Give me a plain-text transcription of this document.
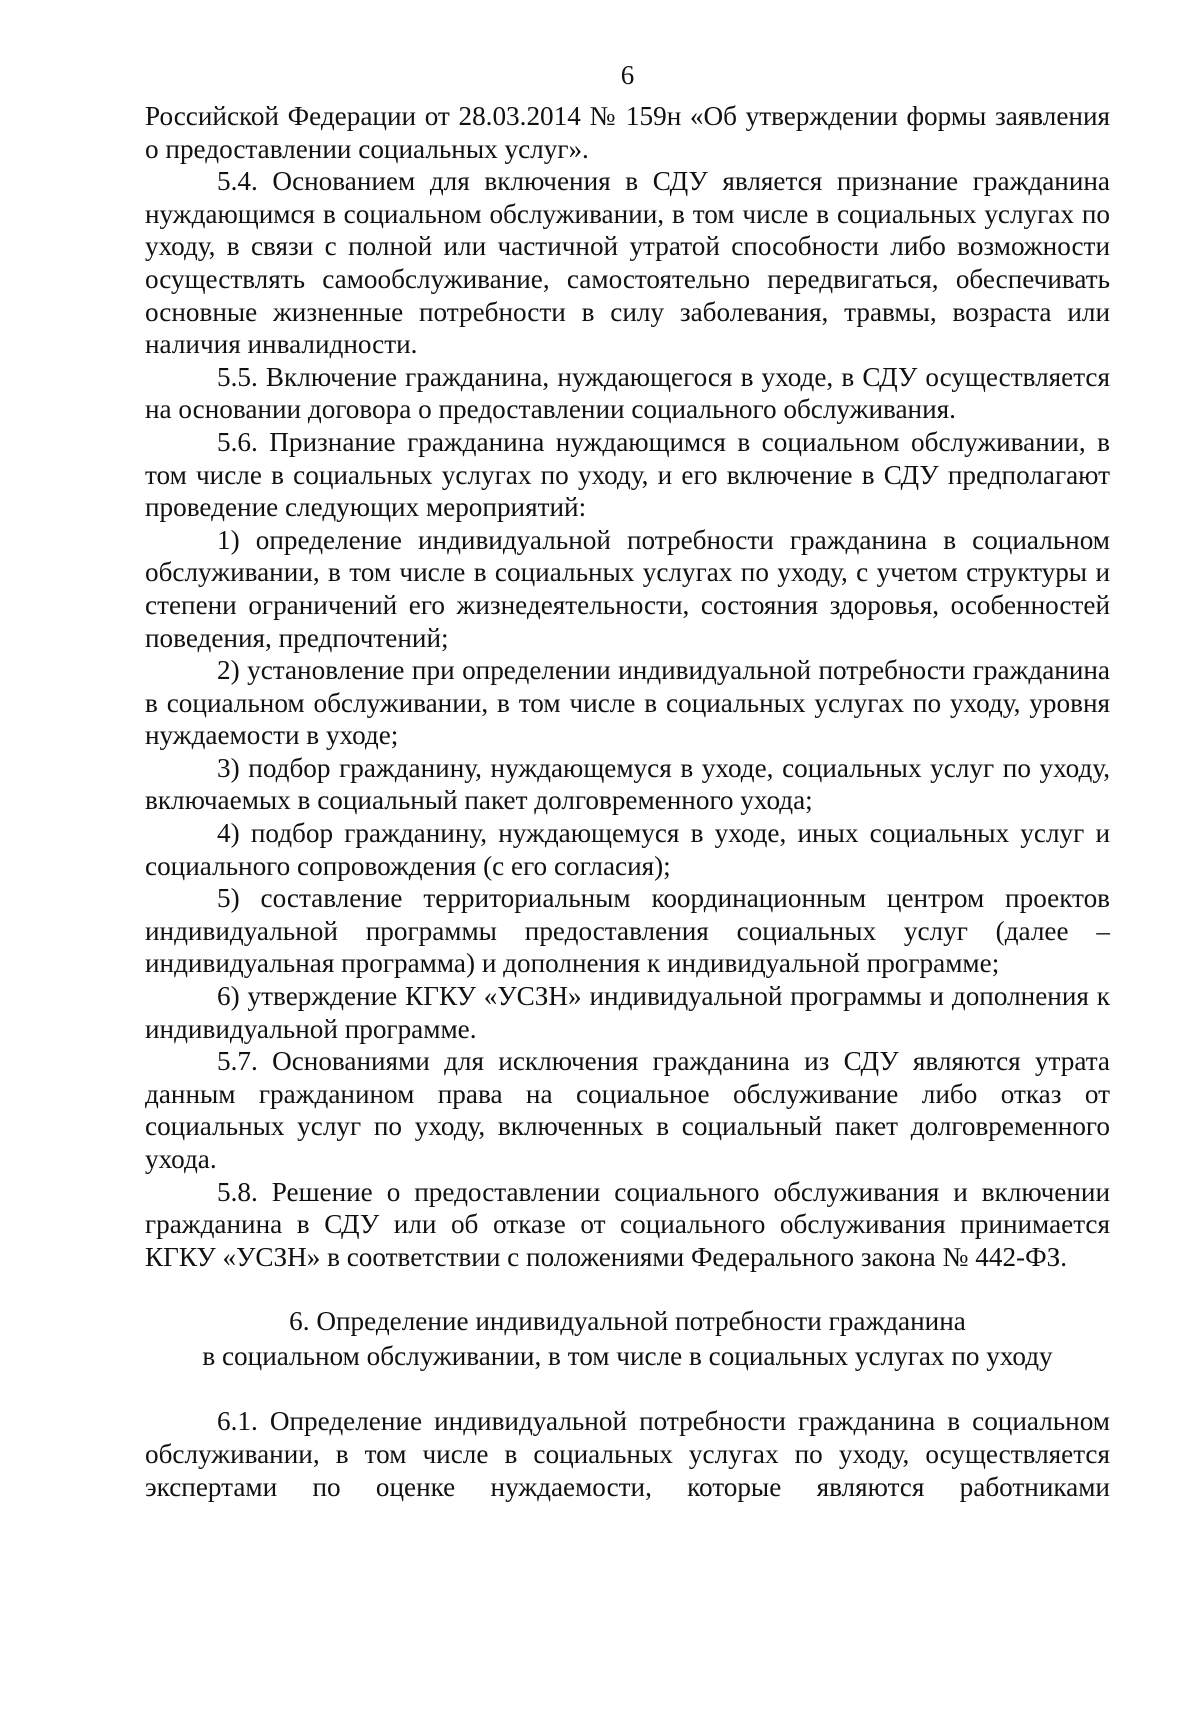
6

Российской Федерации от 28.03.2014 № 159н «Об утверждении формы заявления о предоставлении социальных услуг».

5.4. Основанием для включения в СДУ является признание гражданина нуждающимся в социальном обслуживании, в том числе в социальных услугах по уходу, в связи с полной или частичной утратой способности либо возможности осуществлять самообслуживание, самостоятельно передвигаться, обеспечивать основные жизненные потребности в силу заболевания, травмы, возраста или наличия инвалидности.

5.5. Включение гражданина, нуждающегося в уходе, в СДУ осуществляется на основании договора о предоставлении социального обслуживания.

5.6. Признание гражданина нуждающимся в социальном обслуживании, в том числе в социальных услугах по уходу, и его включение в СДУ предполагают проведение следующих мероприятий:

1) определение индивидуальной потребности гражданина в социальном обслуживании, в том числе в социальных услугах по уходу, с учетом структуры и степени ограничений его жизнедеятельности, состояния здоровья, особенностей поведения, предпочтений;

2) установление при определении индивидуальной потребности гражданина в социальном обслуживании, в том числе в социальных услугах по уходу, уровня нуждаемости в уходе;

3) подбор гражданину, нуждающемуся в уходе, социальных услуг по уходу, включаемых в социальный пакет долговременного ухода;

4) подбор гражданину, нуждающемуся в уходе, иных социальных услуг и социального сопровождения (с его согласия);

5) составление территориальным координационным центром проектов индивидуальной программы предоставления социальных услуг (далее – индивидуальная программа) и дополнения к индивидуальной программе;

6) утверждение КГКУ «УСЗН» индивидуальной программы и дополнения к индивидуальной программе.

5.7. Основаниями для исключения гражданина из СДУ являются утрата данным гражданином права на социальное обслуживание либо отказ от социальных услуг по уходу, включенных в социальный пакет долговременного ухода.

5.8. Решение о предоставлении социального обслуживания и включении гражданина в СДУ или об отказе от социального обслуживания принимается КГКУ «УСЗН» в соответствии с положениями Федерального закона № 442-ФЗ.

6. Определение индивидуальной потребности гражданина
в социальном обслуживании, в том числе в социальных услугах по уходу

6.1. Определение индивидуальной потребности гражданина в социальном обслуживании, в том числе в социальных услугах по уходу, осуществляется экспертами по оценке нуждаемости, которые являются работниками
